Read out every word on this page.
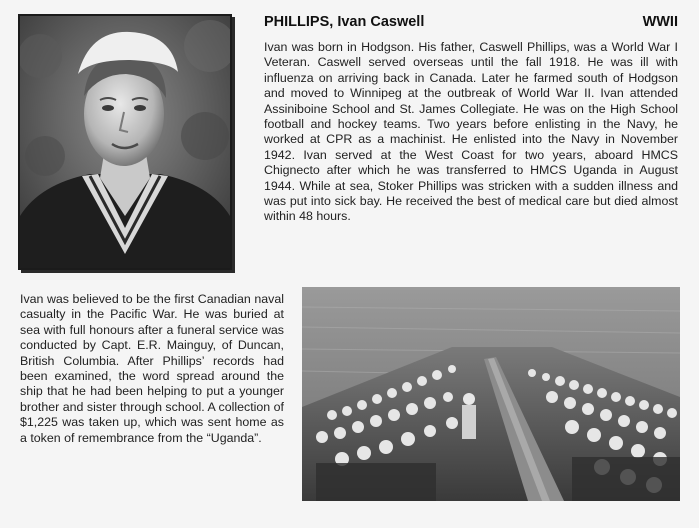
PHILLIPS, Ivan Caswell	WWII

Ivan was born in Hodgson. His father, Caswell Phillips, was a World War I Veteran. Caswell served overseas until the fall 1918. He was ill with influenza on arriving back in Canada. Later he farmed south of Hodgson and moved to Winnipeg at the outbreak of World War II. Ivan attended Assiniboine School and St. James Collegiate. He was on the High School football and hockey teams. Two years before enlisting in the Navy, he worked at CPR as a machinist. He enlisted into the Navy in November 1942. Ivan served at the West Coast for two years, aboard HMCS Chignecto after which he was transferred to HMCS Uganda in August 1944. While at sea, Stoker Phillips was stricken with a sudden illness and was put into sick bay. He received the best of medical care but died almost within 48 hours.

Ivan was believed to be the first Canadian naval casualty in the Pacific War. He was buried at sea with full honours after a funeral service was conducted by Capt. E.R. Mainguy, of Duncan, British Columbia. After Phillips’ records had been examined, the word spread around the ship that he had been helping to put a younger brother and sister through school. A collection of $1,225 was taken up, which was sent home as a token of remembrance from the “Uganda”.
